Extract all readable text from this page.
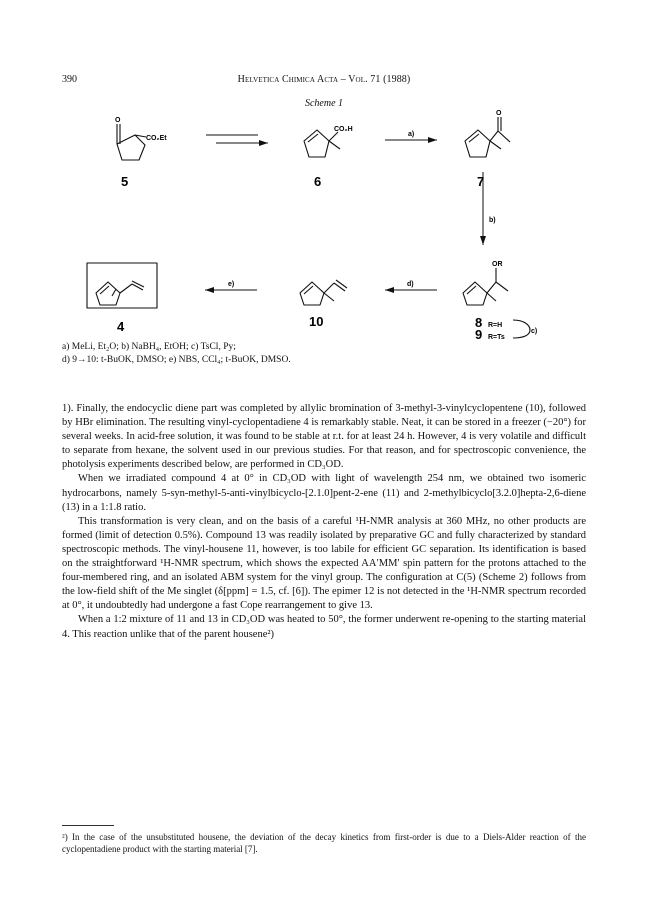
390	Helvetica Chimica Acta – Vol. 71 (1988)
Scheme 1
CO₂Et
CO₂H
O
O
OR
R=H
R=Ts
a)
b)
c)
d)
e)
5	6	7
4	10	8
9
a) MeLi, Et₂O; b) NaBH₄, EtOH; c) TsCl, Py;
d) 9→10: t-BuOK, DMSO; e) NBS, CCl₄; t-BuOK, DMSO.

1). Finally, the endocyclic diene part was completed by allylic bromination of 3-methyl-3-vinylcyclopentene (10), followed by HBr elimination. The resulting vinyl-cyclopentadiene 4 is remarkably stable. Neat, it can be stored in a freezer (−20°) for several weeks. In acid-free solution, it was found to be stable at r.t. for at least 24 h. However, 4 is very volatile and difficult to separate from hexane, the solvent used in our previous studies. For that reason, and for spectroscopic convenience, the photolysis experiments described below, are performed in CD₃OD.

When we irradiated compound 4 at 0° in CD₃OD with light of wavelength 254 nm, we obtained two isomeric hydrocarbons, namely 5-syn-methyl-5-anti-vinylbicyclo-[2.1.0]pent-2-ene (11) and 2-methylbicyclo[3.2.0]hepta-2,6-diene (13) in a 1:1.8 ratio.

This transformation is very clean, and on the basis of a careful ¹H-NMR analysis at 360 MHz, no other products are formed (limit of detection 0.5%). Compound 13 was readily isolated by preparative GC and fully characterized by standard spectroscopic methods. The vinyl-housene 11, however, is too labile for efficient GC separation. Its identification is based on the straightforward ¹H-NMR spectrum, which shows the expected AA′MM′ spin pattern for the protons attached to the four-membered ring, and an isolated ABM system for the vinyl group. The configuration at C(5) (Scheme 2) follows from the low-field shift of the Me singlet (δ[ppm] = 1.5, cf. [6]). The epimer 12 is not detected in the ¹H-NMR spectrum recorded at 0°, it undoubtedly had undergone a fast Cope rearrangement to give 13.

When a 1:2 mixture of 11 and 13 in CD₃OD was heated to 50°, the former underwent re-opening to the starting material 4. This reaction unlike that of the parent housene²)

²) In the case of the unsubstituted housene, the deviation of the decay kinetics from first-order is due to a Diels-Alder reaction of the cyclopentadiene product with the starting material [7].
